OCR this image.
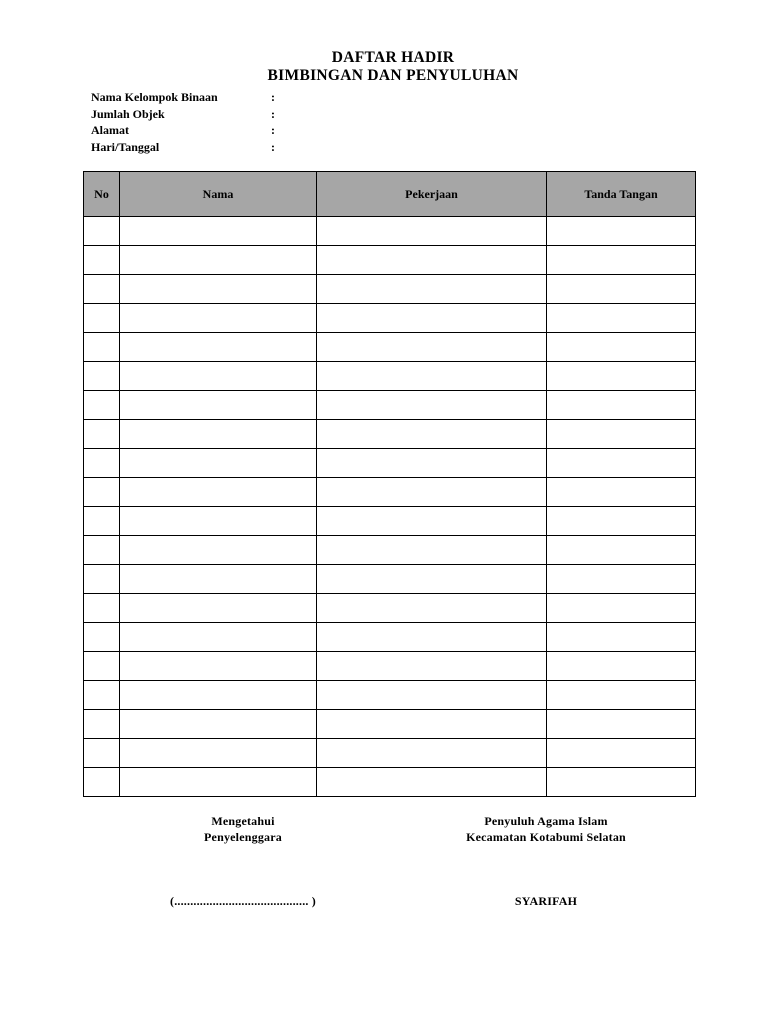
DAFTAR HADIR
BIMBINGAN DAN PENYULUHAN
Nama Kelompok Binaan	:
Jumlah Objek	:
Alamat	:
Hari/Tanggal	:
No	Nama	Pekerjaan	Tanda Tangan

Mengetahui
Penyelenggara
Penyuluh Agama Islam
Kecamatan Kotabumi Selatan
(.......................................... )	SYARIFAH
